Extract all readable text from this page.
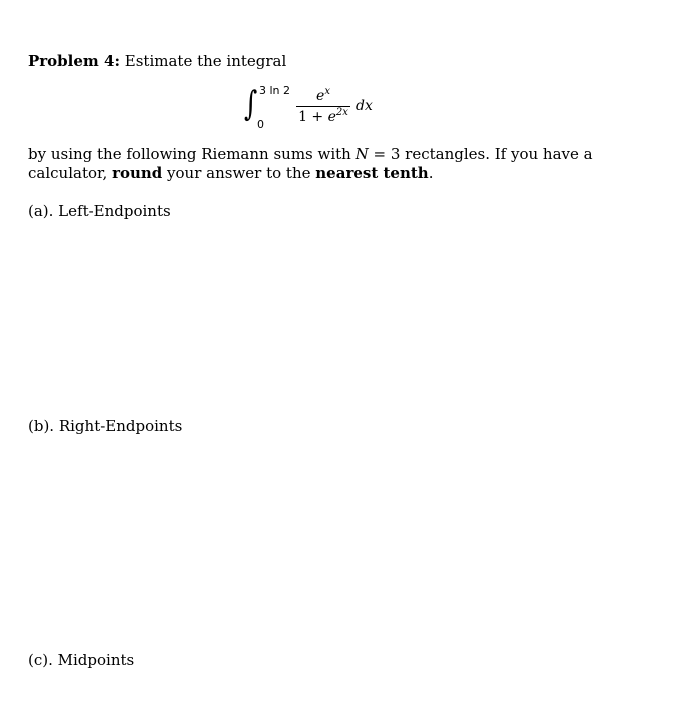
Problem 4: Estimate the integral
∫ 3 ln 2
0
$e^x$
$1 + e^{2x}$ dx
by using the following Riemann sums with N = 3 rectangles. If you have a
calculator, round your answer to the nearest tenth.
(a). Left-Endpoints
(b). Right-Endpoints
(c). Midpoints
